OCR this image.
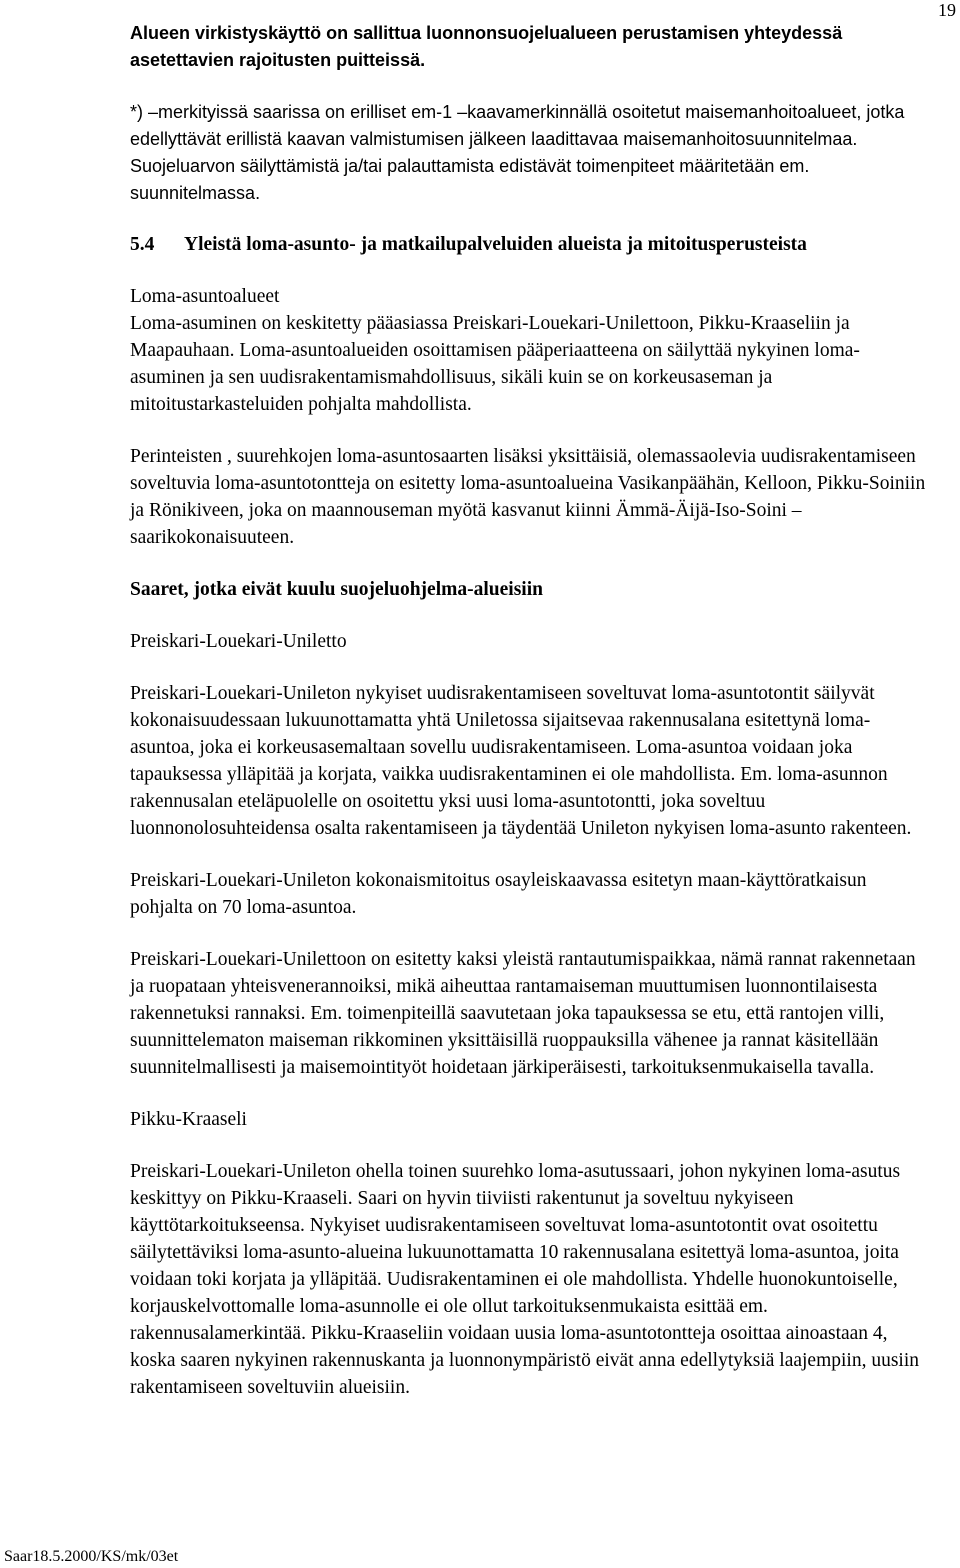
19

Alueen virkistyskäyttö on sallittua luonnonsuojelualueen perustamisen yhteydessä asetettavien rajoitusten puitteissä.

*) –merkityissä saarissa on erilliset em-1 –kaavamerkinnällä osoitetut maisemanhoitoalueet, jotka edellyttävät erillistä kaavan valmistumisen jälkeen laadittavaa maisemanhoitosuunnitelmaa. Suojeluarvon säilyttämistä ja/tai palauttamista edistävät toimenpiteet määritetään em. suunnitelmassa.

5.4 Yleistä loma-asunto- ja matkailupalveluiden alueista ja mitoitusperusteista
Loma-asuntoalueet

Loma-asuminen on keskitetty pääasiassa Preiskari-Louekari-Unilettoon, Pikku-Kraaseliin ja Maapauhaan. Loma-asuntoalueiden osoittamisen pääperiaatteena on säilyttää nykyinen loma-asuminen ja sen uudisrakentamismahdollisuus, sikäli kuin se on korkeusaseman ja mitoitustarkasteluiden pohjalta mahdollista.

Perinteisten , suurehkojen loma-asuntosaarten lisäksi yksittäisiä, olemassaolevia uudisrakentamiseen soveltuvia loma-asuntotontteja on esitetty loma-asuntoalueina Vasikanpäähän, Kelloon, Pikku-Soiniin ja Rönikiveen, joka on maannouseman myötä kasvanut kiinni Ämmä-Äijä-Iso-Soini –saarikokonaisuuteen.

Saaret, jotka eivät kuulu suojeluohjelma-alueisiin
Preiskari-Louekari-Uniletto

Preiskari-Louekari-Unileton nykyiset uudisrakentamiseen soveltuvat loma-asuntotontit säilyvät kokonaisuudessaan lukuunottamatta yhtä Uniletossa sijaitsevaa rakennusalana esitettynä loma-asuntoa, joka ei korkeusasemaltaan sovellu uudisrakentamiseen. Loma-asuntoa voidaan joka tapauksessa ylläpitää ja korjata, vaikka uudisrakentaminen ei ole mahdollista. Em. loma-asunnon rakennusalan eteläpuolelle on osoitettu yksi uusi loma-asuntotontti, joka soveltuu luonnonolosuhteidensa osalta rakentamiseen ja täydentää Unileton nykyisen loma-asunto rakenteen.

Preiskari-Louekari-Unileton kokonaismitoitus osayleiskaavassa esitetyn maan-käyttöratkaisun pohjalta on 70 loma-asuntoa.

Preiskari-Louekari-Unilettoon on esitetty kaksi yleistä rantautumispaikkaa, nämä rannat rakennetaan ja ruopataan yhteisvenerannoiksi, mikä aiheuttaa rantamaiseman muuttumisen luonnontilaisesta rakennetuksi rannaksi. Em. toimenpiteillä saavutetaan joka tapauksessa se etu, että rantojen villi, suunnittelematon maiseman rikkominen yksittäisillä ruoppauksilla vähenee ja rannat käsitellään suunnitelmallisesti ja maisemointityöt hoidetaan järkiperäisesti, tarkoituksenmukaisella tavalla.

Pikku-Kraaseli

Preiskari-Louekari-Unileton ohella toinen suurehko loma-asutussaari, johon nykyinen loma-asutus keskittyy on Pikku-Kraaseli. Saari on hyvin tiiviisti rakentunut ja soveltuu nykyiseen käyttötarkoitukseensa. Nykyiset uudisrakentamiseen soveltuvat loma-asuntotontit ovat osoitettu säilytettäviksi loma-asunto-alueina lukuunottamatta 10 rakennusalana esitettyä loma-asuntoa, joita voidaan toki korjata ja ylläpitää. Uudisrakentaminen ei ole mahdollista. Yhdelle huonokuntoiselle, korjauskelvottomalle loma-asunnolle ei ole ollut tarkoituksenmukaista esittää em. rakennusalamerkintää. Pikku-Kraaseliin voidaan uusia loma-asuntotontteja osoittaa ainoastaan 4, koska saaren nykyinen rakennuskanta ja luonnonympäristö eivät anna edellytyksiä laajempiin, uusiin rakentamiseen soveltuviin alueisiin.

Saar18.5.2000/KS/mk/03et
